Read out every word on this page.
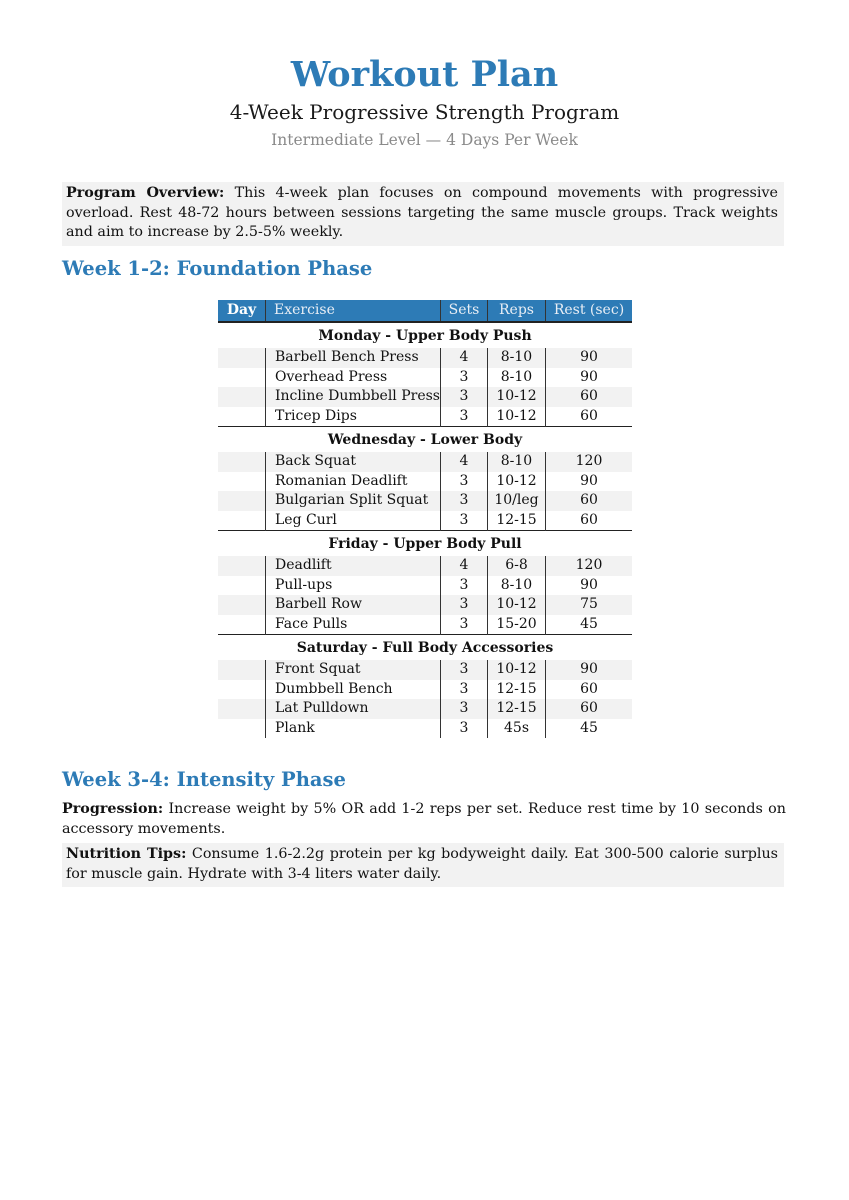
Workout Plan
4-Week Progressive Strength Program
Intermediate Level — 4 Days Per Week
Program Overview: This 4-week plan focuses on compound movements with progressive overload. Rest 48-72 hours between sessions targeting the same muscle groups. Track weights and aim to increase by 2.5-5% weekly.
Week 1-2: Foundation Phase
Day	Exercise	Sets	Reps	Rest (sec)
Monday - Upper Body Push				
	Barbell Bench Press	4	8-10	90
	Overhead Press	3	8-10	90
	Incline Dumbbell Press	3	10-12	60
	Tricep Dips	3	10-12	60
Wednesday - Lower Body				
	Back Squat	4	8-10	120
	Romanian Deadlift	3	10-12	90
	Bulgarian Split Squat	3	10/leg	60
	Leg Curl	3	12-15	60
Friday - Upper Body Pull				
	Deadlift	4	6-8	120
	Pull-ups	3	8-10	90
	Barbell Row	3	10-12	75
	Face Pulls	3	15-20	45
Saturday - Full Body Accessories				
	Front Squat	3	10-12	90
	Dumbbell Bench	3	12-15	60
	Lat Pulldown	3	12-15	60
	Plank	3	45s	45
Week 3-4: Intensity Phase
Progression: Increase weight by 5% OR add 1-2 reps per set. Reduce rest time by 10 seconds on accessory movements.
Nutrition Tips: Consume 1.6-2.2g protein per kg bodyweight daily. Eat 300-500 calorie surplus for muscle gain. Hydrate with 3-4 liters water daily.
